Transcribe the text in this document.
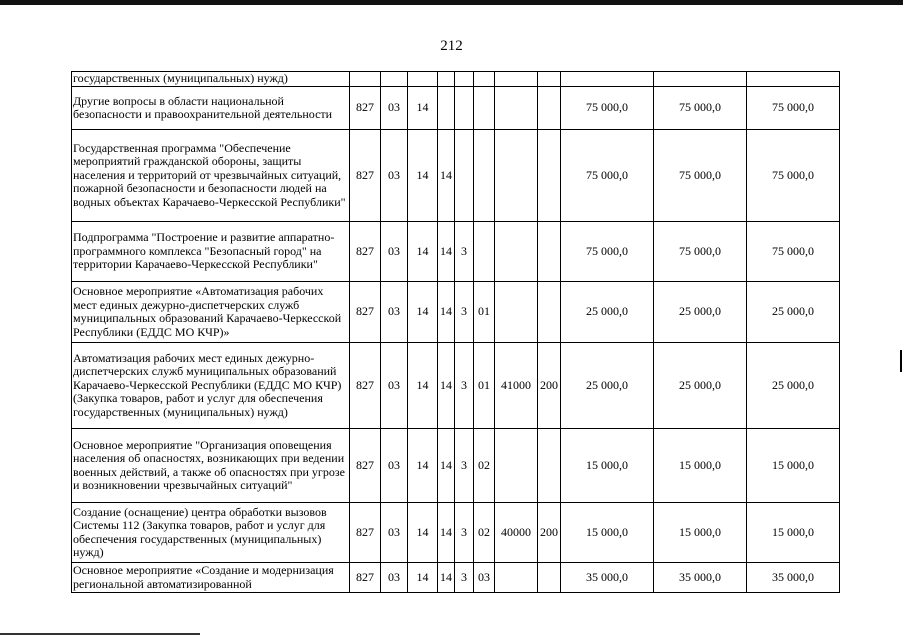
212
государственных (муниципальных) нужд)											
Другие вопросы в области национальной безопасности и правоохранительной деятельности	827	03	14						75 000,0	75 000,0	75 000,0
Государственная программа "Обеспечение мероприятий гражданской обороны, защиты населения и территорий от чрезвычайных ситуаций, пожарной безопасности и безопасности людей на водных объектах Карачаево-Черкесской Республики"	827	03	14	14					75 000,0	75 000,0	75 000,0
Подпрограмма "Построение и развитие аппаратно-программного комплекса "Безопасный город" на территории Карачаево-Черкесской Республики"	827	03	14	14	3				75 000,0	75 000,0	75 000,0
Основное мероприятие «Автоматизация рабочих мест единых дежурно-диспетчерских служб муниципальных образований Карачаево-Черкесской Республики (ЕДДС МО КЧР)»	827	03	14	14	3	01			25 000,0	25 000,0	25 000,0
Автоматизация рабочих мест единых дежурно-диспетчерских служб муниципальных образований Карачаево-Черкесской Республики (ЕДДС МО КЧР) (Закупка товаров, работ и услуг для обеспечения государственных (муниципальных) нужд)	827	03	14	14	3	01	41000	200	25 000,0	25 000,0	25 000,0
Основное мероприятие "Организация оповещения населения об опасностях, возникающих при ведении военных действий, а также об опасностях при угрозе и возникновении чрезвычайных ситуаций"	827	03	14	14	3	02			15 000,0	15 000,0	15 000,0
Создание (оснащение) центра обработки вызовов Системы 112 (Закупка товаров, работ и услуг для обеспечения государственных (муниципальных) нужд)	827	03	14	14	3	02	40000	200	15 000,0	15 000,0	15 000,0
Основное мероприятие «Создание и модернизация региональной автоматизированной	827	03	14	14	3	03			35 000,0	35 000,0	35 000,0
